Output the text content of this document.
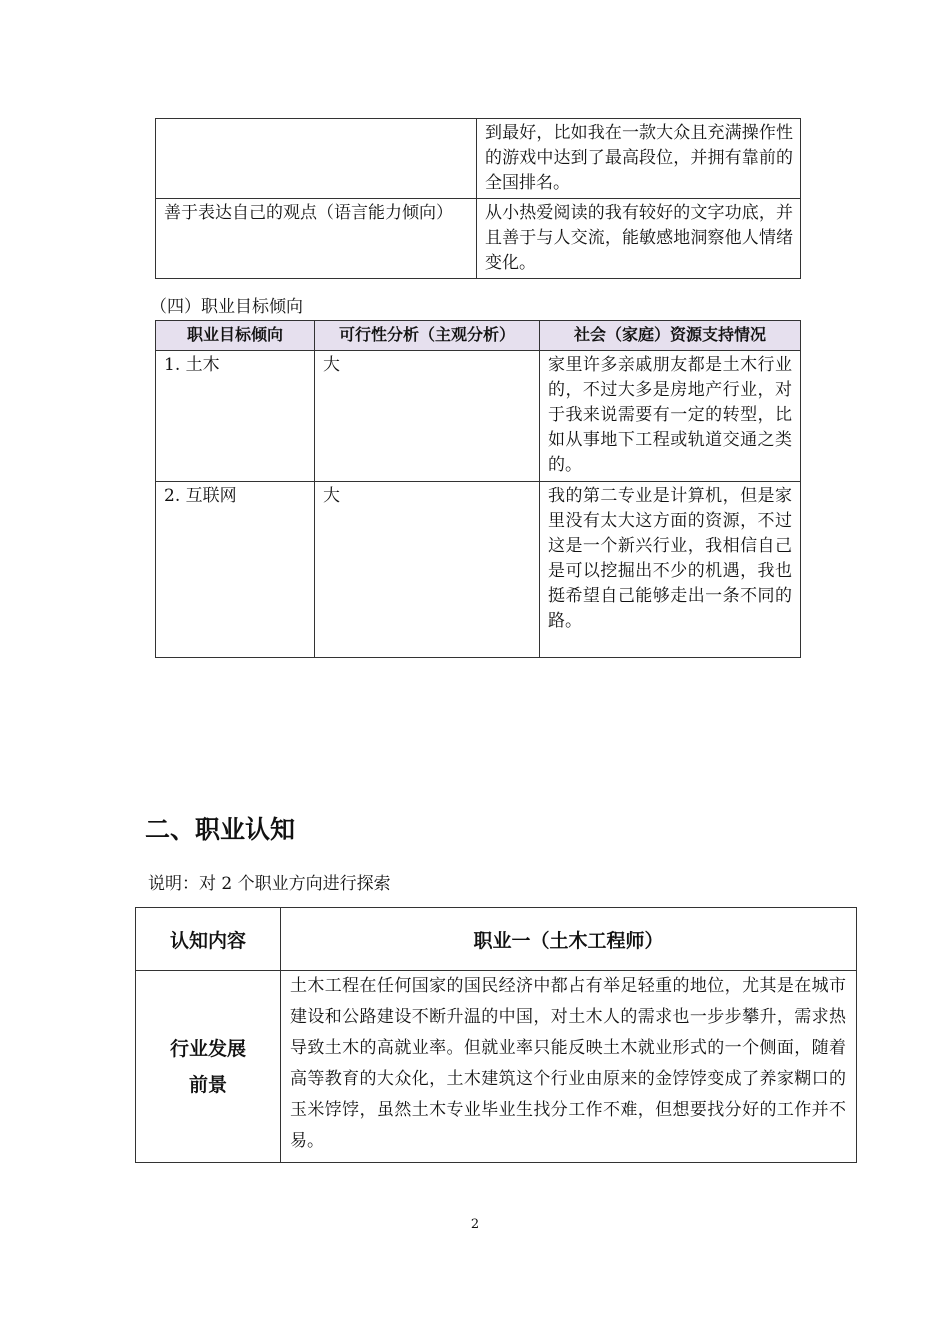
	到最好，比如我在一款大众且充满操作性的游戏中达到了最高段位，并拥有靠前的全国排名。
善于表达自己的观点（语言能力倾向）	从小热爱阅读的我有较好的文字功底，并且善于与人交流，能敏感地洞察他人情绪变化。
（四）职业目标倾向
职业目标倾向	可行性分析（主观分析）	社会（家庭）资源支持情况
1. 土木	大	家里许多亲戚朋友都是土木行业的，不过大多是房地产行业，对于我来说需要有一定的转型，比如从事地下工程或轨道交通之类的。
2. 互联网	大	我的第二专业是计算机，但是家里没有太大这方面的资源，不过这是一个新兴行业，我相信自己是可以挖掘出不少的机遇，我也挺希望自己能够走出一条不同的路。
二、职业认知
说明：对 2 个职业方向进行探索
认知内容	职业一（土木工程师）

行业发展前景	土木工程在任何国家的国民经济中都占有举足轻重的地位，尤其是在城市建设和公路建设不断升温的中国，对土木人的需求也一步步攀升，需求热导致土木的高就业率。但就业率只能反映土木就业形式的一个侧面，随着高等教育的大众化，土木建筑这个行业由原来的金饽饽变成了养家糊口的玉米饽饽，虽然土木专业毕业生找分工作不难，但想要找分好的工作并不易。
2
